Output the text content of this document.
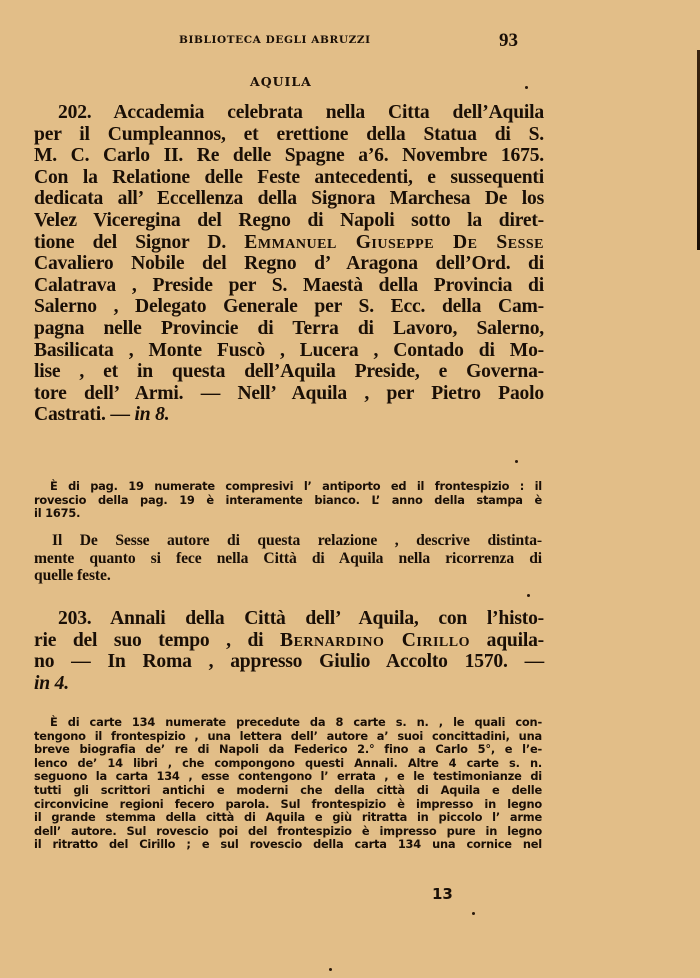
BIBLIOTECA DEGLI ABRUZZI	93
AQUILA
202. Accademia celebrata nella Citta dell’Aquila
per il Cumpleannos, et erettione della Statua di S.
M. C. Carlo II. Re delle Spagne a’6. Novembre 1675.
Con la Relatione delle Feste antecedenti, e sussequenti
dedicata all’ Eccellenza della Signora Marchesa De los
Velez Viceregina del Regno di Napoli sotto la diret-
tione del Signor D. Emmanuel Giuseppe De Sesse
Cavaliero Nobile del Regno d’ Aragona dell’Ord. di
Calatrava , Preside per S. Maestà della Provincia di
Salerno , Delegato Generale per S. Ecc. della Cam-
pagna nelle Provincie di Terra di Lavoro, Salerno,
Basilicata , Monte Fuscò , Lucera , Contado di Mo-
lise , et in questa dell’Aquila Preside, e Governa-
tore dell’ Armi. — Nell’ Aquila , per Pietro Paolo
Castrati. — in 8.
È di pag. 19 numerate compresivi l’ antiporto ed il frontespizio : il
rovescio della pag. 19 è interamente bianco. L’ anno della stampa è
il 1675.
Il De Sesse autore di questa relazione , descrive distinta-
mente quanto si fece nella Città di Aquila nella ricorrenza di
quelle feste.
203. Annali della Città dell’ Aquila, con l’histo-
rie del suo tempo , di Bernardino Cirillo aquila-
no — In Roma , appresso Giulio Accolto 1570. —
in 4.
È di carte 134 numerate precedute da 8 carte s. n. , le quali con-
tengono il frontespizio , una lettera dell’ autore a’ suoi concittadini, una
breve biografia de’ re di Napoli da Federico 2.° fino a Carlo 5°, e l’e-
lenco de’ 14 libri , che compongono questi Annali. Altre 4 carte s. n.
seguono la carta 134 , esse contengono l’ errata , e le testimonianze di
tutti gli scrittori antichi e moderni che della città di Aquila e delle
circonvicine regioni fecero parola. Sul frontespizio è impresso in legno
il grande stemma della città di Aquila e giù ritratta in piccolo l’ arme
dell’ autore. Sul rovescio poi del frontespizio è impresso pure in legno
il ritratto del Cirillo ; e sul rovescio della carta 134 una cornice nel
13
